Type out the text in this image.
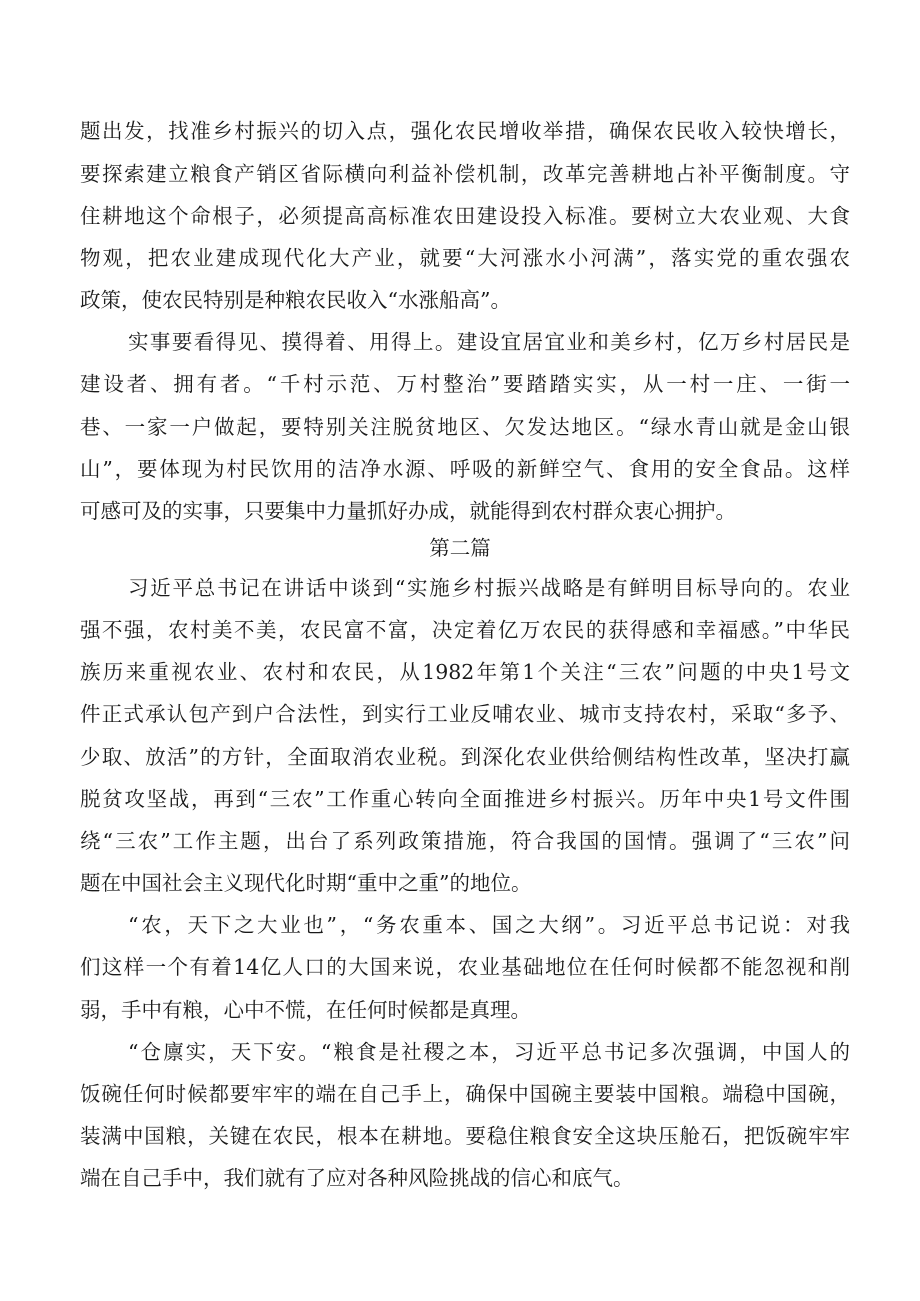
题出发，找准乡村振兴的切入点，强化农民增收举措，确保农民收入较快增长，
要探索建立粮食产销区省际横向利益补偿机制，改革完善耕地占补平衡制度。守
住耕地这个命根子，必须提高高标准农田建设投入标准。要树立大农业观、大食
物观，把农业建成现代化大产业，就要“大河涨水小河满”，落实党的重农强农
政策，使农民特别是种粮农民收入“水涨船高”。
实事要看得见、摸得着、用得上。建设宜居宜业和美乡村，亿万乡村居民是
建设者、拥有者。“千村示范、万村整治”要踏踏实实，从一村一庄、一街一
巷、一家一户做起，要特别关注脱贫地区、欠发达地区。“绿水青山就是金山银
山”，要体现为村民饮用的洁净水源、呼吸的新鲜空气、食用的安全食品。这样
可感可及的实事，只要集中力量抓好办成，就能得到农村群众衷心拥护。
第二篇
习近平总书记在讲话中谈到“实施乡村振兴战略是有鲜明目标导向的。农业
强不强，农村美不美，农民富不富，决定着亿万农民的获得感和幸福感。”中华民
族历来重视农业、农村和农民，从1982年第1个关注“三农”问题的中央1号文
件正式承认包产到户合法性，到实行工业反哺农业、城市支持农村，采取“多予、
少取、放活”的方针，全面取消农业税。到深化农业供给侧结构性改革，坚决打赢
脱贫攻坚战，再到“三农”工作重心转向全面推进乡村振兴。历年中央1号文件围
绕“三农”工作主题，出台了系列政策措施，符合我国的国情。强调了“三农”问
题在中国社会主义现代化时期“重中之重”的地位。
“农，天下之大业也”，“务农重本、国之大纲”。习近平总书记说：对我
们这样一个有着14亿人口的大国来说，农业基础地位在任何时候都不能忽视和削
弱，手中有粮，心中不慌，在任何时候都是真理。
“仓廪实，天下安。“粮食是社稷之本，习近平总书记多次强调，中国人的
饭碗任何时候都要牢牢的端在自己手上，确保中国碗主要装中国粮。端稳中国碗，
装满中国粮，关键在农民，根本在耕地。要稳住粮食安全这块压舱石，把饭碗牢牢
端在自己手中，我们就有了应对各种风险挑战的信心和底气。
